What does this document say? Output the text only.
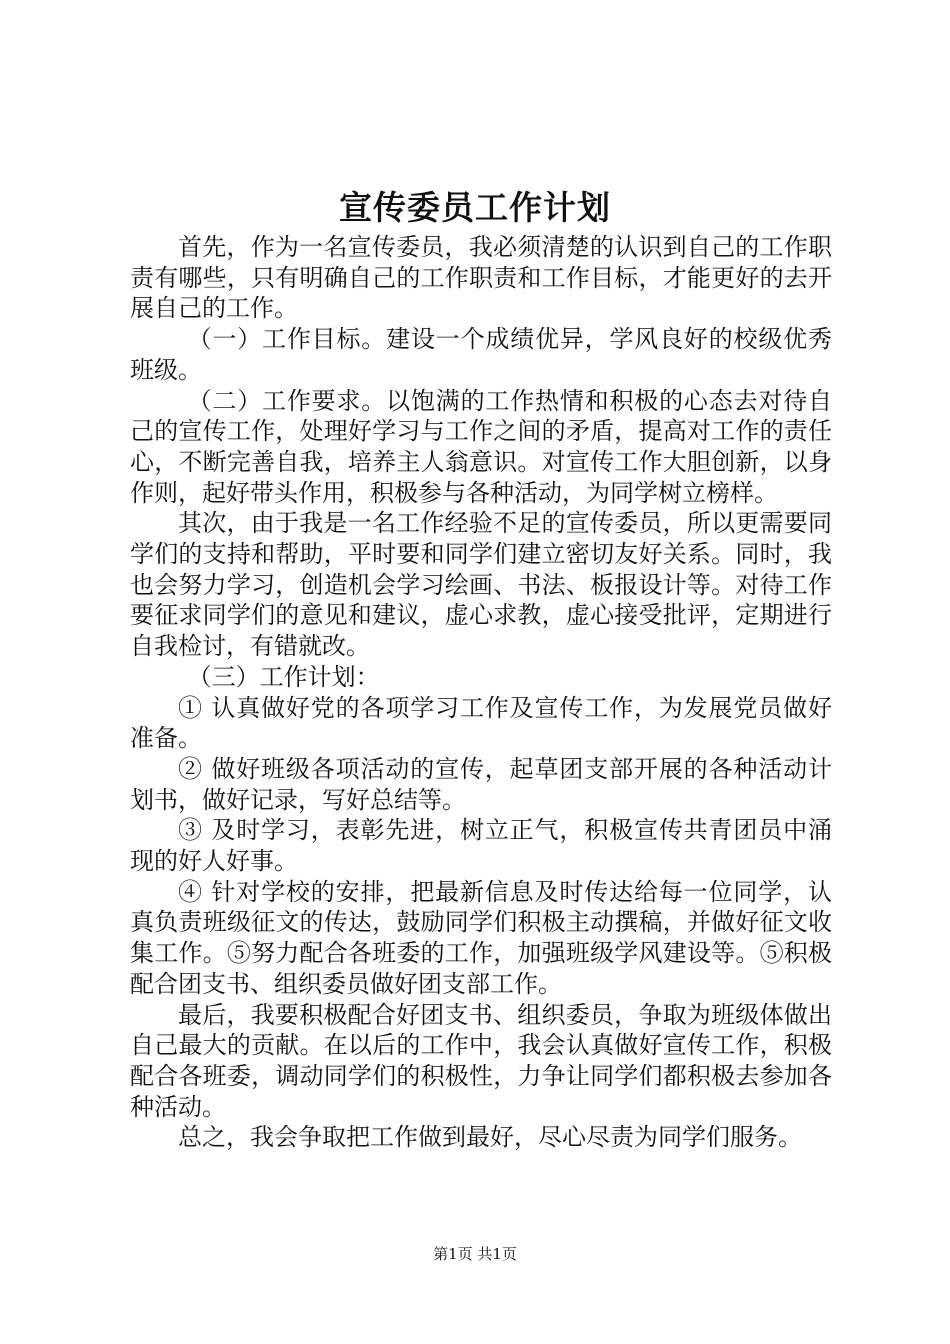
宣传委员工作计划

首先，作为一名宣传委员，我必须清楚的认识到自己的工作职责有哪些，只有明确自己的工作职责和工作目标，才能更好的去开展自己的工作。

（一）工作目标。建设一个成绩优异，学风良好的校级优秀班级。

（二）工作要求。以饱满的工作热情和积极的心态去对待自己的宣传工作，处理好学习与工作之间的矛盾，提高对工作的责任心，不断完善自我，培养主人翁意识。对宣传工作大胆创新，以身作则，起好带头作用，积极参与各种活动，为同学树立榜样。

其次，由于我是一名工作经验不足的宣传委员，所以更需要同学们的支持和帮助，平时要和同学们建立密切友好关系。同时，我也会努力学习，创造机会学习绘画、书法、板报设计等。对待工作要征求同学们的意见和建议，虚心求教，虚心接受批评，定期进行自我检讨，有错就改。

（三）工作计划：

① 认真做好党的各项学习工作及宣传工作，为发展党员做好准备。

② 做好班级各项活动的宣传，起草团支部开展的各种活动计划书，做好记录，写好总结等。

③ 及时学习，表彰先进，树立正气，积极宣传共青团员中涌现的好人好事。

④ 针对学校的安排，把最新信息及时传达给每一位同学，认真负责班级征文的传达，鼓励同学们积极主动撰稿，并做好征文收集工作。⑤努力配合各班委的工作，加强班级学风建设等。⑤积极配合团支书、组织委员做好团支部工作。

最后，我要积极配合好团支书、组织委员，争取为班级体做出自己最大的贡献。在以后的工作中，我会认真做好宣传工作，积极配合各班委，调动同学们的积极性，力争让同学们都积极去参加各种活动。

总之，我会争取把工作做到最好，尽心尽责为同学们服务。

第1页 共1页
